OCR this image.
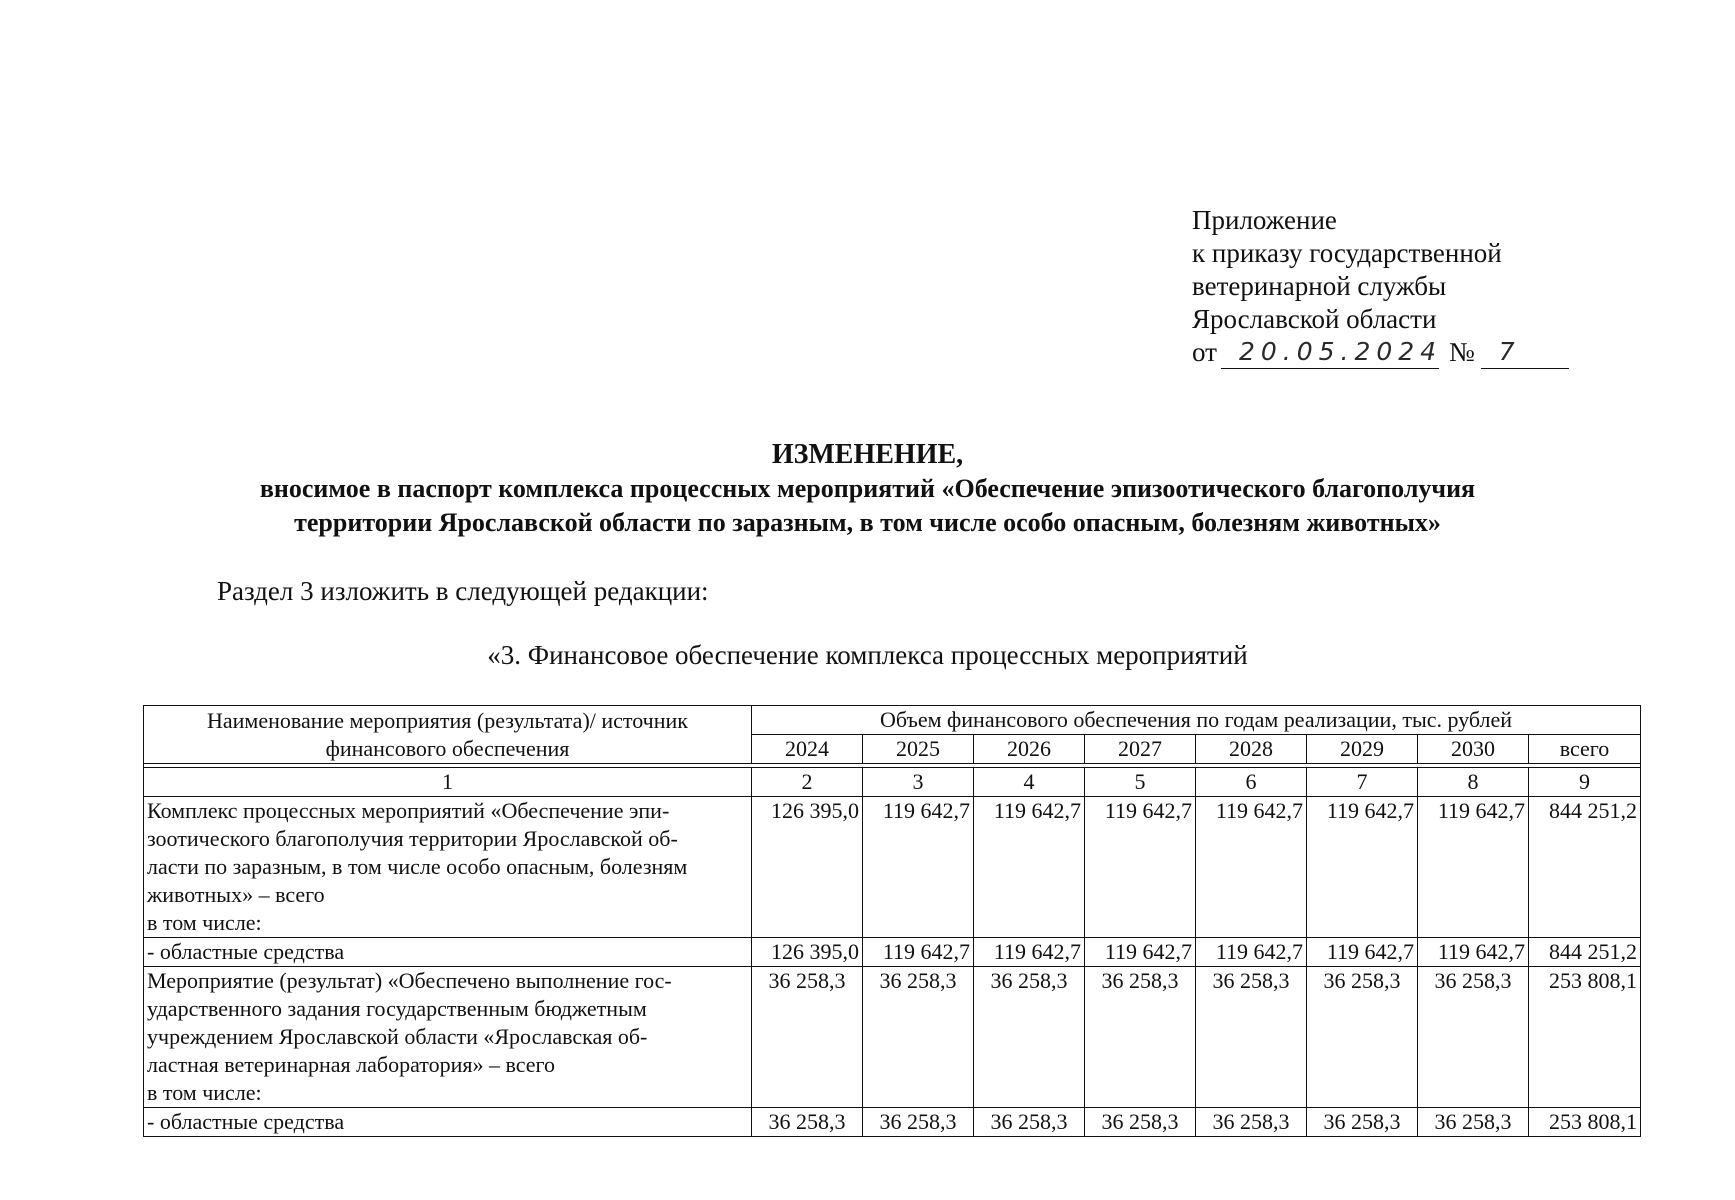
Приложение
к приказу государственной
ветеринарной службы
Ярославской области
от 20.05.2024 № 7
ИЗМЕНЕНИЕ,
вносимое в паспорт комплекса процессных мероприятий «Обеспечение эпизоотического благополучия
территории Ярославской области по заразным, в том числе особо опасным, болезням животных»
Раздел 3 изложить в следующей редакции:
«3. Финансовое обеспечение комплекса процессных мероприятий
Наименование мероприятия (результата)/ источник финансового обеспечения	Объем финансового обеспечения по годам реализации, тыс. рублей							
	2024	2025	2026	2027	2028	2029	2030	всего

1	2	3	4	5	6	7	8	9

Комплекс процессных мероприятий «Обеспечение эпи-
зоотического благополучия территории Ярославской об-
ласти по заразным, в том числе особо опасным, болезням
животных» – всего
в том числе:	126 395,0	119 642,7	119 642,7	119 642,7	119 642,7	119 642,7	119 642,7	844 251,2

- областные средства	126 395,0	119 642,7	119 642,7	119 642,7	119 642,7	119 642,7	119 642,7	844 251,2

Мероприятие (результат) «Обеспечено выполнение гос-
ударственного задания государственным бюджетным
учреждением Ярославской области «Ярославская об-
ластная ветеринарная лаборатория» – всего
в том числе:	36 258,3	36 258,3	36 258,3	36 258,3	36 258,3	36 258,3	36 258,3	253 808,1

- областные средства	36 258,3	36 258,3	36 258,3	36 258,3	36 258,3	36 258,3	36 258,3	253 808,1
